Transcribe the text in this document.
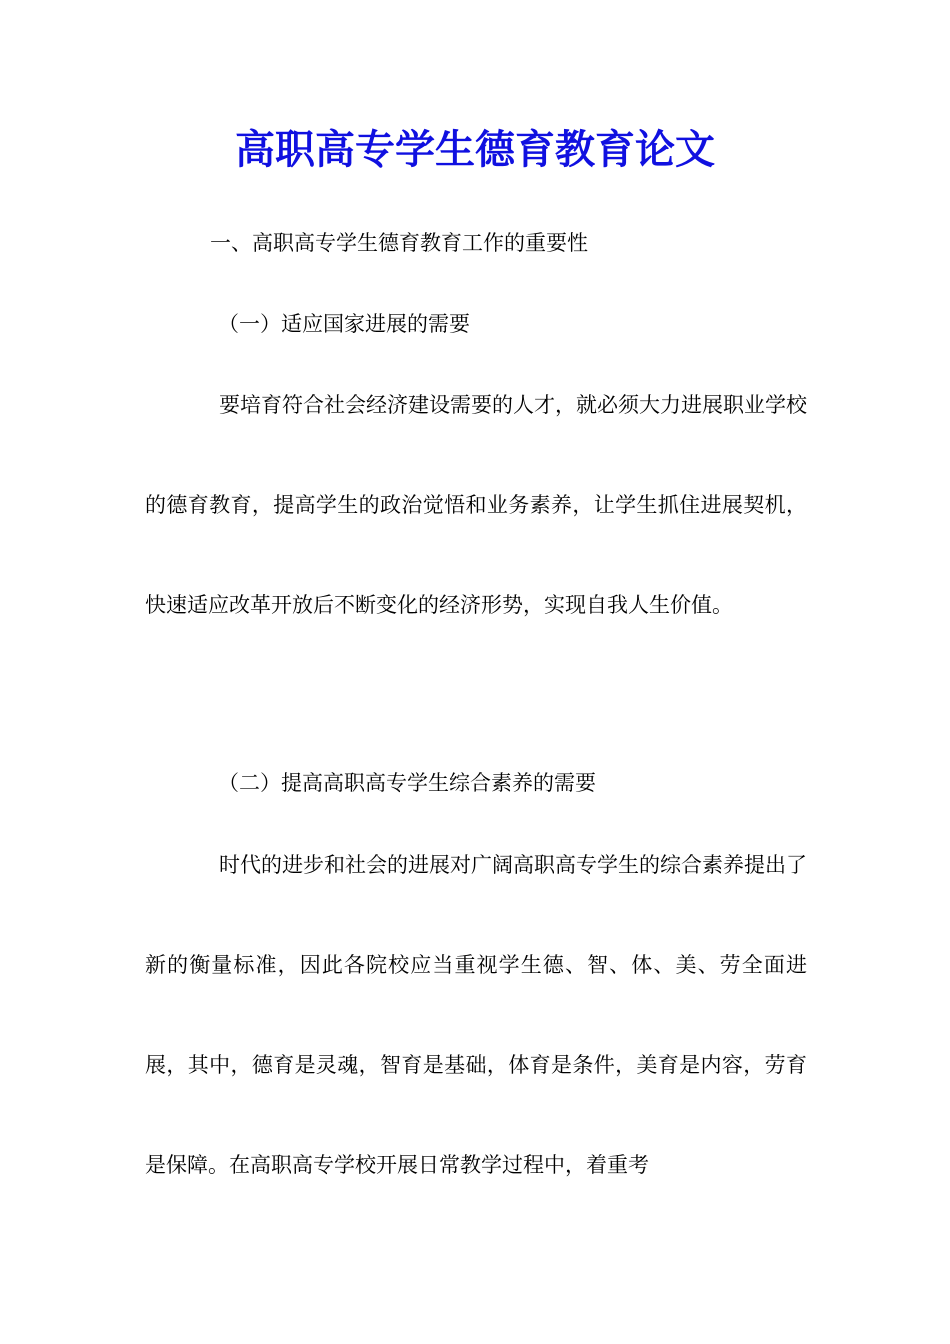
高职高专学生德育教育论文
一、高职高专学生德育教育工作的重要性
（一）适应国家进展的需要

要培育符合社会经济建设需要的人才，就必须大力进展职业学校的德育教育，提高学生的政治觉悟和业务素养，让学生抓住进展契机，快速适应改革开放后不断变化的经济形势，实现自我人生价值。

（二）提高高职高专学生综合素养的需要

时代的进步和社会的进展对广阔高职高专学生的综合素养提出了新的衡量标准，因此各院校应当重视学生德、智、体、美、劳全面进展，其中，德育是灵魂，智育是基础，体育是条件，美育是内容，劳育是保障。在高职高专学校开展日常教学过程中，着重考
